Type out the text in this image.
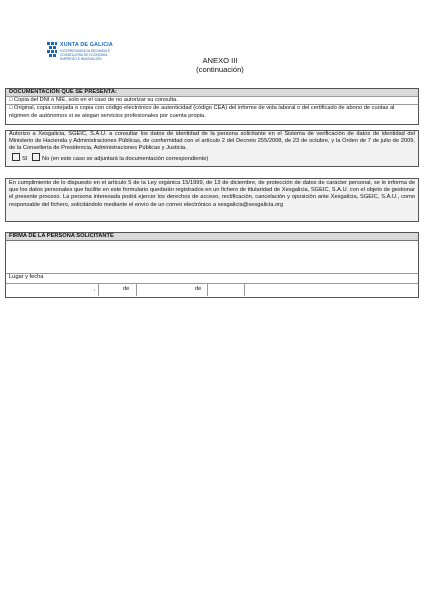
XUNTA DE GALICIA
VICEPRESIDENCIA SEGUNDA E
CONSELLERÍA DE ECONOMÍA,
EMPREGO E INNOVACIÓN	ANEXO III
(continuación)
DOCUMENTACIÓN QUE SE PRESENTA:
□ Copia del DNI o NIE, solo en el caso de no autorizar su consulta.
□ Original, copia cotejada o copia con código electrónico de autenticidad (código CEA) del informe de vida laboral o del certificado de abono de cuotas al régimen de autónomos si se alegan servicios profesionales por cuenta propia.
Autorizo a Xesgalicia, SGEIC, S.A.U. a consultar los datos de identidad de la persona solicitante en el Sistema de verificación de datos de identidad del Ministerio de Hacienda y Administraciones Públicas, de conformidad con el artículo 2 del Decreto 255/2008, de 23 de octubre, y la Orden de 7 de julio de 2009, de la Consellería de Presidencia, Administraciones Públicas y Justicia.
SI	No (en este caso se adjuntará la documentación correspondiente)
En cumplimiento de lo dispuesto en el artículo 5 de la Ley orgánica 15/1999, de 13 de diciembre, de protección de datos de carácter personal, se le informa de que los datos personales que facilite en este formulario quedarán registrados en un fichero de titularidad de Xesgalicia, SGEIC, S.A.U. con el objeto de gestionar el presente proceso. La persona interesada podrá ejercer los derechos de acceso, rectificación, cancelación y oposición ante Xesgalicia, SGEIC, S.A.U., como responsable del fichero, solicitándolo mediante el envío de un correo electrónico a xesgalicia@xesgalicia.org
FIRMA DE LA PERSONA SOLICITANTE
Lugar y fecha
,	de	de
